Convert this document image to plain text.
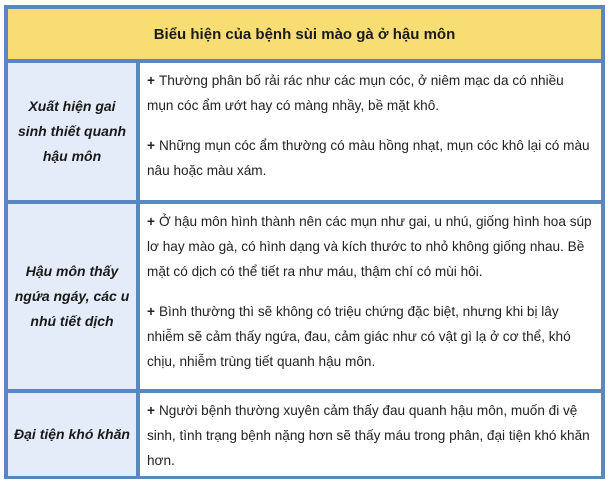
Biểu hiện của bệnh sùi mào gà ở hậu môn
Xuất hiện gai sinh thiết quanh hậu môn

+ Thường phân bố rải rác như các mụn cóc, ở niêm mạc da có nhiều mụn cóc ẩm ướt hay có màng nhầy, bề mặt khô.

+ Những mụn cóc ẩm thường có màu hồng nhạt, mụn cóc khô lại có màu nâu hoặc màu xám.

Hậu môn thấy ngứa ngáy, các u nhú tiết dịch

+ Ở hậu môn hình thành nên các mụn như gai, u nhú, giống hình hoa súp lơ hay mào gà, có hình dạng và kích thước to nhỏ không giống nhau. Bề mặt có dịch có thể tiết ra như máu, thậm chí có mùi hôi.

+ Bình thường thì sẽ không có triệu chứng đặc biệt, nhưng khi bị lây nhiễm sẽ cảm thấy ngứa, đau, cảm giác như có vật gì lạ ở cơ thể, khó chịu, nhiễm trùng tiết quanh hậu môn.

Đại tiện khó khăn

+ Người bệnh thường xuyên cảm thấy đau quanh hậu môn, muốn đi vệ sinh, tình trạng bệnh nặng hơn sẽ thấy máu trong phân, đại tiện khó khăn hơn.
